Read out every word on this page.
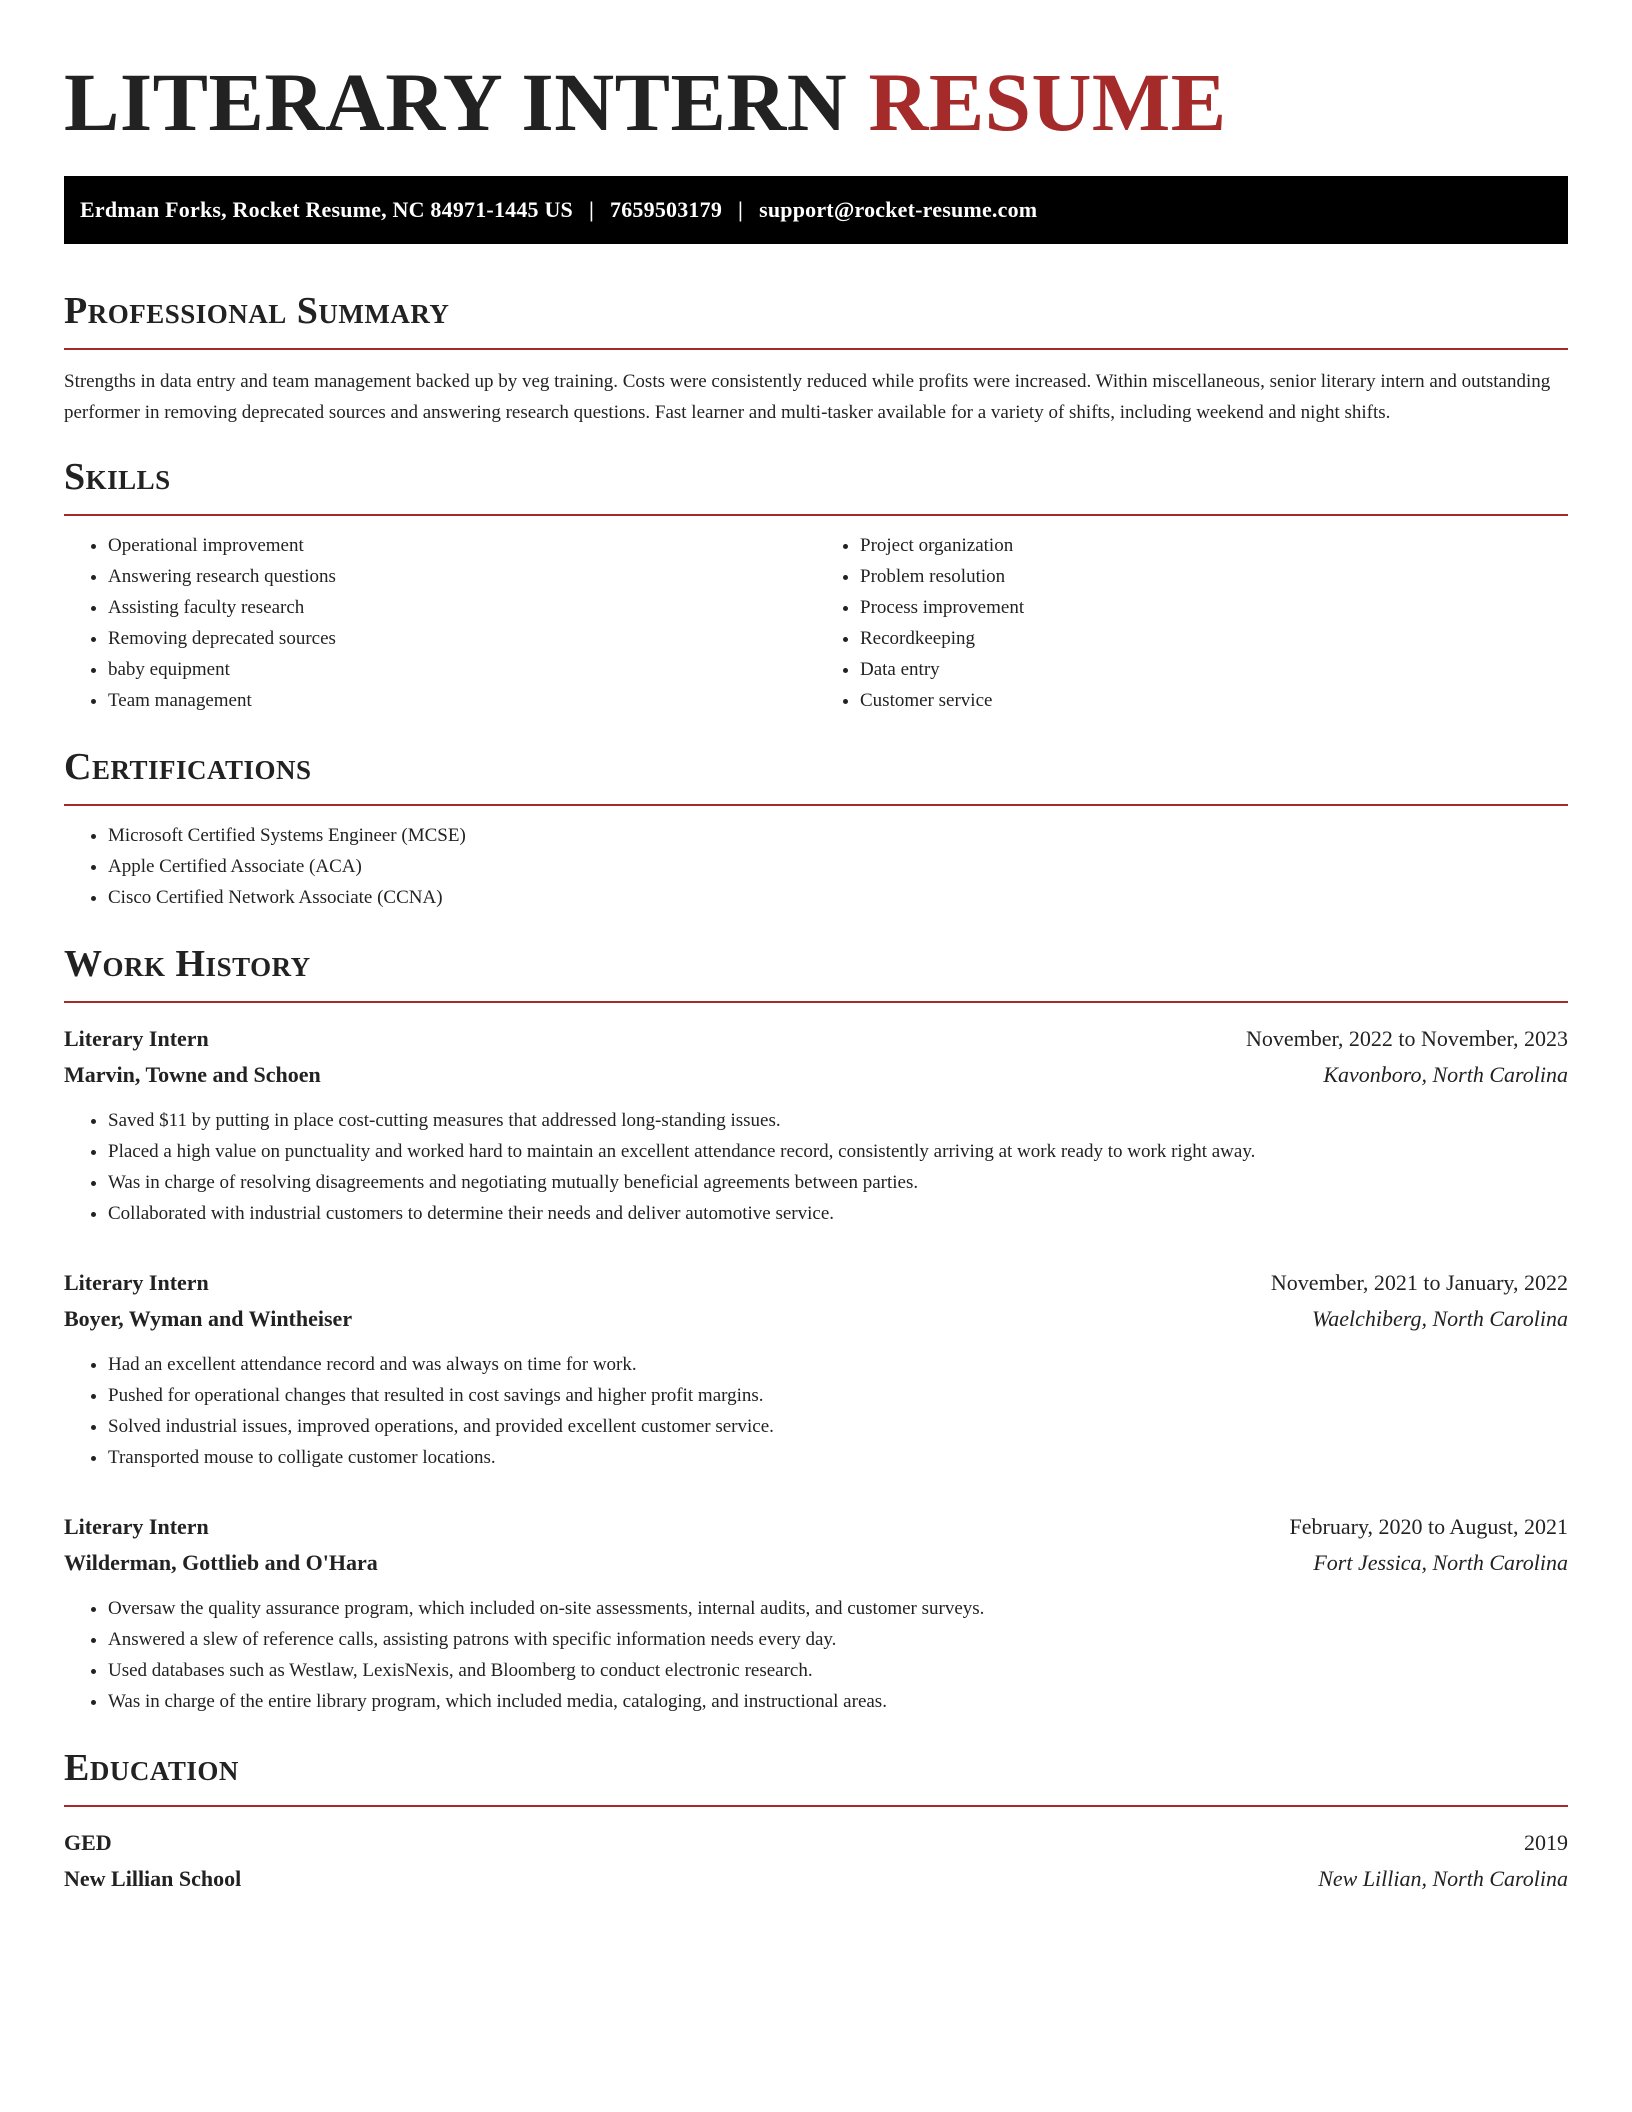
LITERARY INTERN RESUME
Erdman Forks, Rocket Resume, NC 84971-1445 US | 7659503179 | support@rocket-resume.com
Professional Summary

Strengths in data entry and team management backed up by veg training. Costs were consistently reduced while profits were increased. Within miscellaneous, senior literary intern and outstanding performer in removing deprecated sources and answering research questions. Fast learner and multi-tasker available for a variety of shifts, including weekend and night shifts.

Skills
• Operational improvement
• Answering research questions
• Assisting faculty research
• Removing deprecated sources
• baby equipment
• Team management
• Project organization
• Problem resolution
• Process improvement
• Recordkeeping
• Data entry
• Customer service
Certifications
• Microsoft Certified Systems Engineer (MCSE)
• Apple Certified Associate (ACA)
• Cisco Certified Network Associate (CCNA)
Work History
Literary Intern	November, 2022 to November, 2023
Marvin, Towne and Schoen	Kavonboro, North Carolina
• Saved $11 by putting in place cost-cutting measures that addressed long-standing issues.
• Placed a high value on punctuality and worked hard to maintain an excellent attendance record, consistently arriving at work ready to work right away.
• Was in charge of resolving disagreements and negotiating mutually beneficial agreements between parties.
• Collaborated with industrial customers to determine their needs and deliver automotive service.
Literary Intern	November, 2021 to January, 2022
Boyer, Wyman and Wintheiser	Waelchiberg, North Carolina
• Had an excellent attendance record and was always on time for work.
• Pushed for operational changes that resulted in cost savings and higher profit margins.
• Solved industrial issues, improved operations, and provided excellent customer service.
• Transported mouse to colligate customer locations.
Literary Intern	February, 2020 to August, 2021
Wilderman, Gottlieb and O'Hara	Fort Jessica, North Carolina
• Oversaw the quality assurance program, which included on-site assessments, internal audits, and customer surveys.
• Answered a slew of reference calls, assisting patrons with specific information needs every day.
• Used databases such as Westlaw, LexisNexis, and Bloomberg to conduct electronic research.
• Was in charge of the entire library program, which included media, cataloging, and instructional areas.
Education
GED	2019
New Lillian School	New Lillian, North Carolina
